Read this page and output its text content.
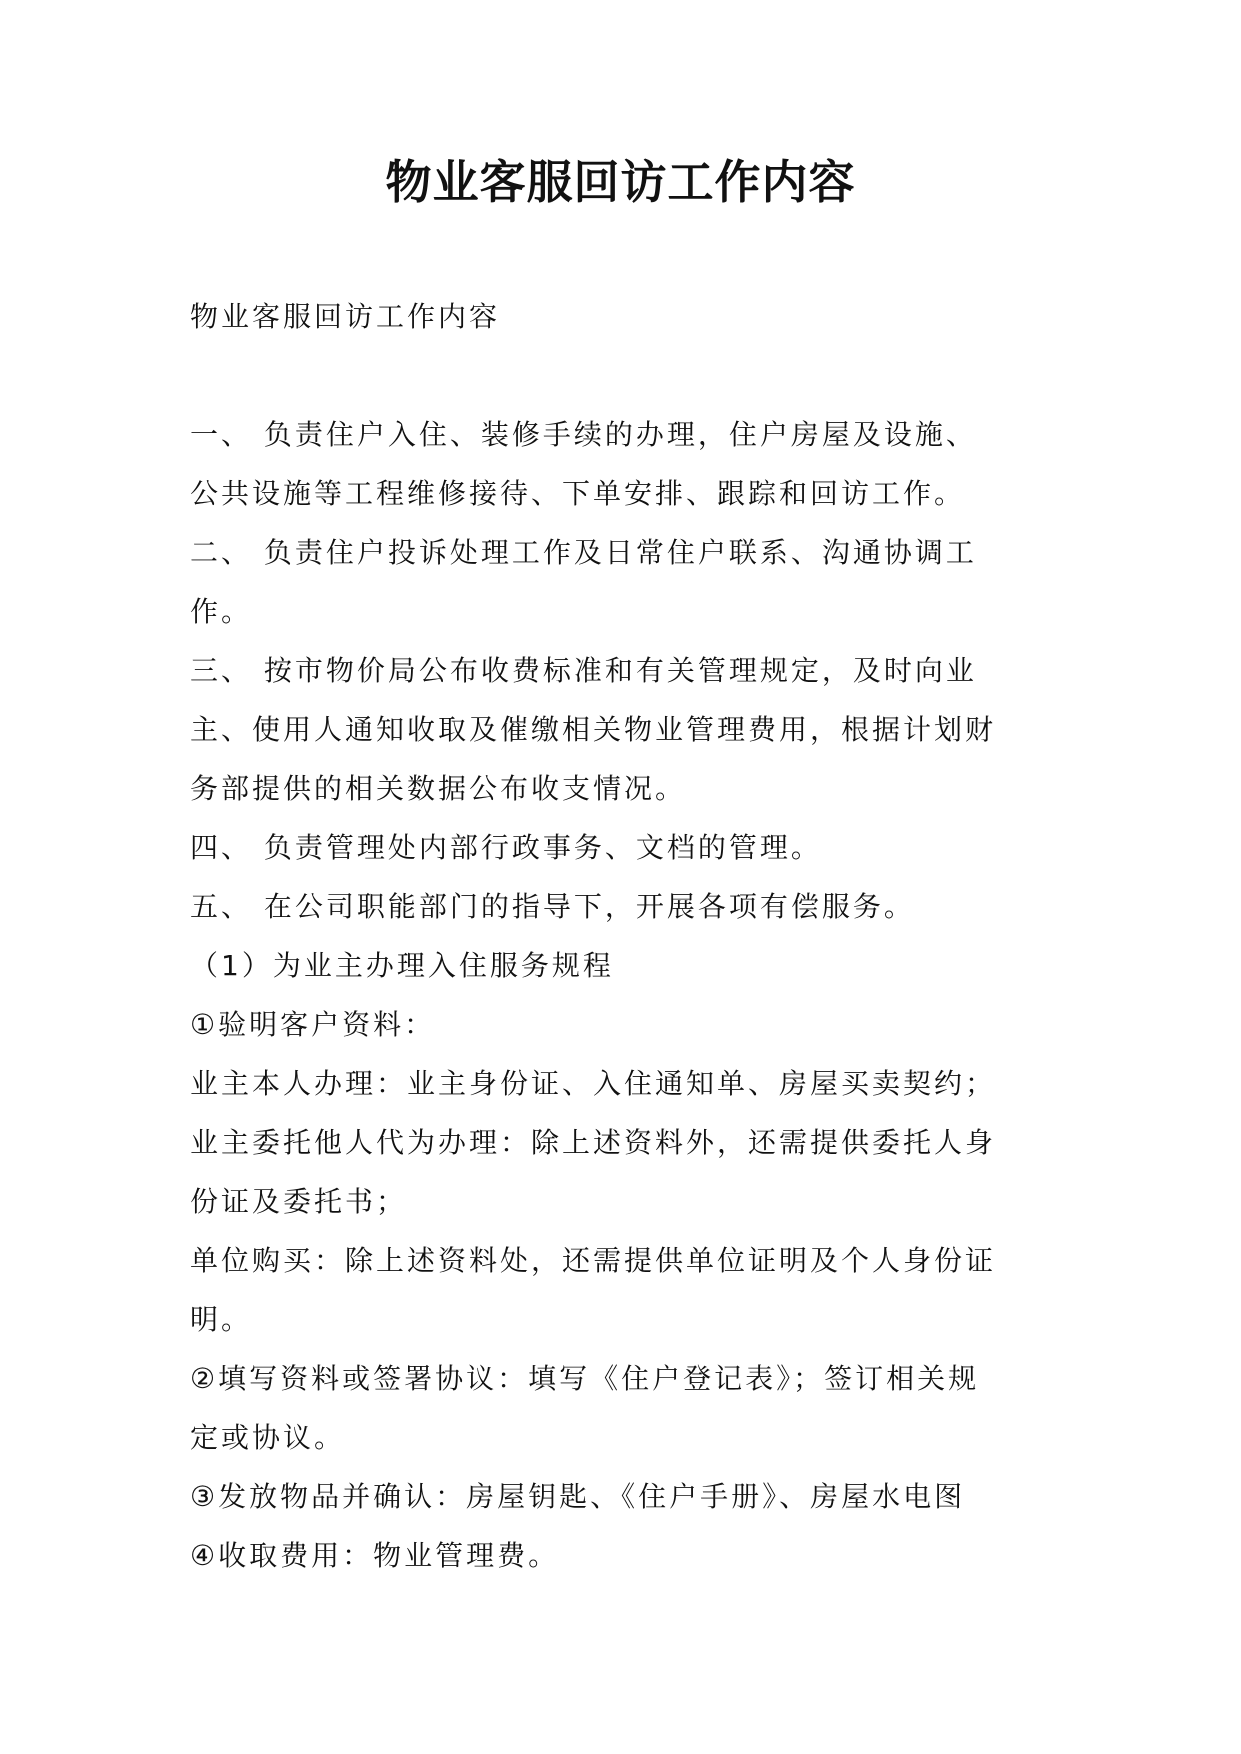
物业客服回访工作内容
物业客服回访工作内容
一、 负责住户入住、装修手续的办理，住户房屋及设施、
公共设施等工程维修接待、下单安排、跟踪和回访工作。
二、 负责住户投诉处理工作及日常住户联系、沟通协调工
作。
三、 按市物价局公布收费标准和有关管理规定，及时向业
主、使用人通知收取及催缴相关物业管理费用，根据计划财
务部提供的相关数据公布收支情况。
四、 负责管理处内部行政事务、文档的管理。
五、 在公司职能部门的指导下，开展各项有偿服务。
（1）为业主办理入住服务规程
①验明客户资料：
业主本人办理：业主身份证、入住通知单、房屋买卖契约；
业主委托他人代为办理：除上述资料外，还需提供委托人身
份证及委托书；
单位购买：除上述资料处，还需提供单位证明及个人身份证
明。
②填写资料或签署协议：填写《住户登记表》；签订相关规
定或协议。
③发放物品并确认：房屋钥匙、《住户手册》、房屋水电图
④收取费用：物业管理费。
